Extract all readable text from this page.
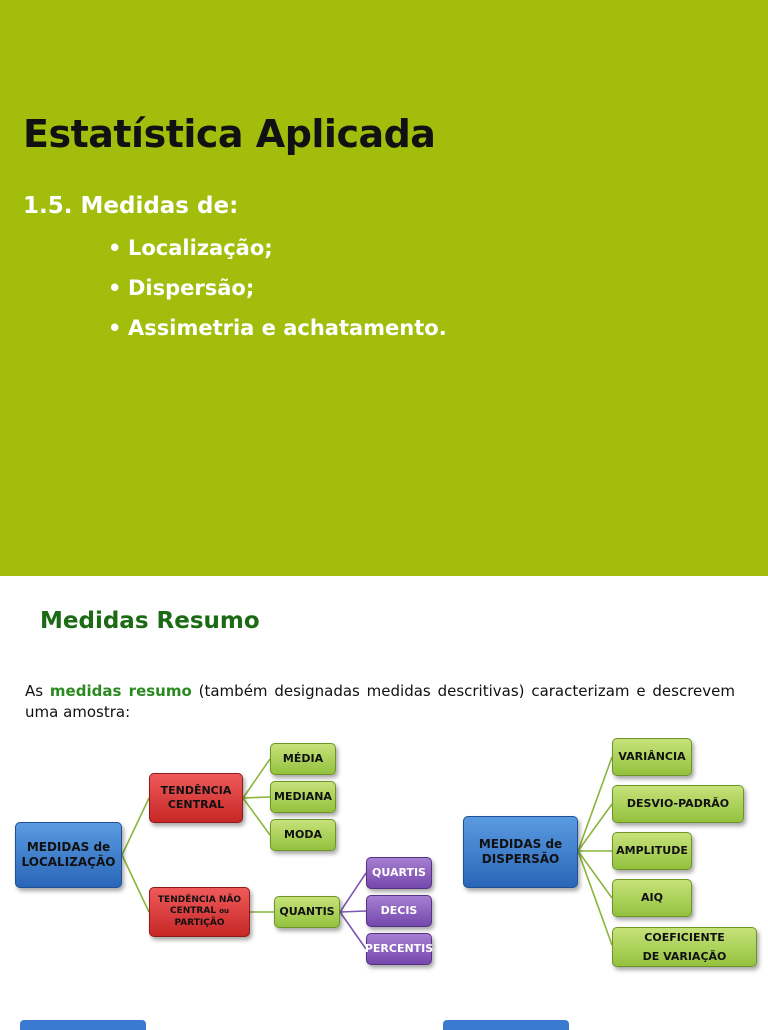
Estatística Aplicada
1.5. Medidas de:
• Localização;
• Dispersão;
• Assimetria e achatamento.
Medidas Resumo
As medidas resumo (também designadas medidas descritivas) caracterizam e descrevem uma amostra:
MEDIDAS de LOCALIZAÇÃO
TENDÊNCIA CENTRAL
TENDÊNCIA NÃO
CENTRAL ou
PARTIÇÃO
MÉDIA
MEDIANA
MODA
QUANTIS
QUARTIS
DECIS
PERCENTIS
MEDIDAS de DISPERSÃO
VARIÂNCIA
DESVIO-PADRÃO
AMPLITUDE
AIQ
COEFICIENTE
DE VARIAÇÃO
